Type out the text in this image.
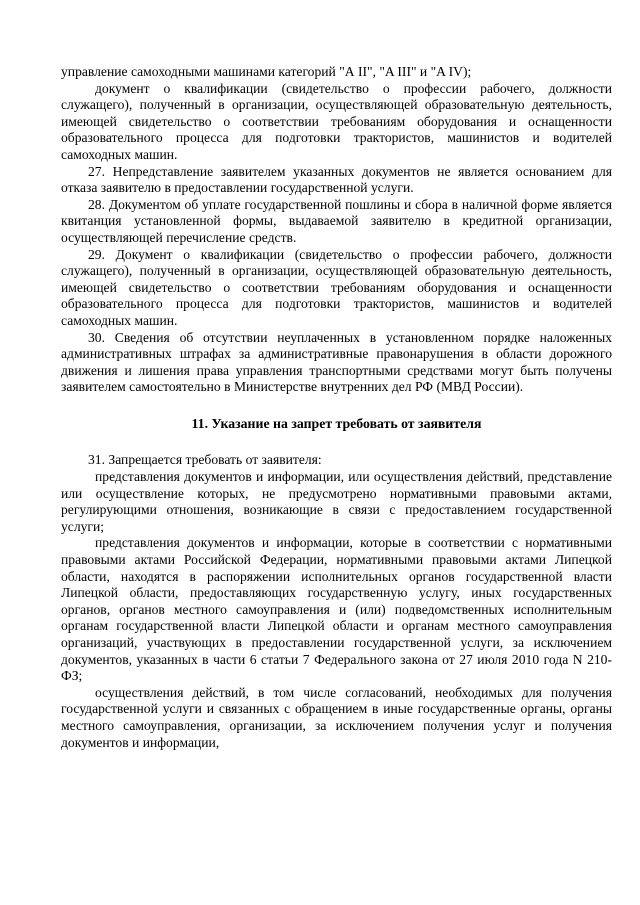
управление самоходными машинами категорий "А II", "A III" и "A IV);

документ о квалификации (свидетельство о профессии рабочего, должности служащего), полученный в организации, осуществляющей образовательную деятельность, имеющей свидетельство о соответствии требованиям оборудования и оснащенности образовательного процесса для подготовки трактористов, машинистов и водителей самоходных машин.

27. Непредставление заявителем указанных документов не является основанием для отказа заявителю в предоставлении государственной услуги.

28. Документом об уплате государственной пошлины и сбора в наличной форме является квитанция установленной формы, выдаваемой заявителю в кредитной организации, осуществляющей перечисление средств.

29. Документ о квалификации (свидетельство о профессии рабочего, должности служащего), полученный в организации, осуществляющей образовательную деятельность, имеющей свидетельство о соответствии требованиям оборудования и оснащенности образовательного процесса для подготовки трактористов, машинистов и водителей самоходных машин.

30. Сведения об отсутствии неуплаченных в установленном порядке наложенных административных штрафах за административные правонарушения в области дорожного движения и лишения права управления транспортными средствами могут быть получены заявителем самостоятельно в Министерстве внутренних дел РФ (МВД России).

11. Указание на запрет требовать от заявителя

31. Запрещается требовать от заявителя:

представления документов и информации, или осуществления действий, представление или осуществление которых, не предусмотрено нормативными правовыми актами, регулирующими отношения, возникающие в связи с предоставлением государственной услуги;

представления документов и информации, которые в соответствии с нормативными правовыми актами Российской Федерации, нормативными правовыми актами Липецкой области, находятся в распоряжении исполнительных органов государственной власти Липецкой области, предоставляющих государственную услугу, иных государственных органов, органов местного самоуправления и (или) подведомственных исполнительным органам государственной власти Липецкой области и органам местного самоуправления организаций, участвующих в предоставлении государственной услуги, за исключением документов, указанных в части 6 статьи 7 Федерального закона от 27 июля 2010 года N 210-ФЗ;

осуществления действий, в том числе согласований, необходимых для получения государственной услуги и связанных с обращением в иные государственные органы, органы местного самоуправления, организации, за исключением получения услуг и получения документов и информации,
